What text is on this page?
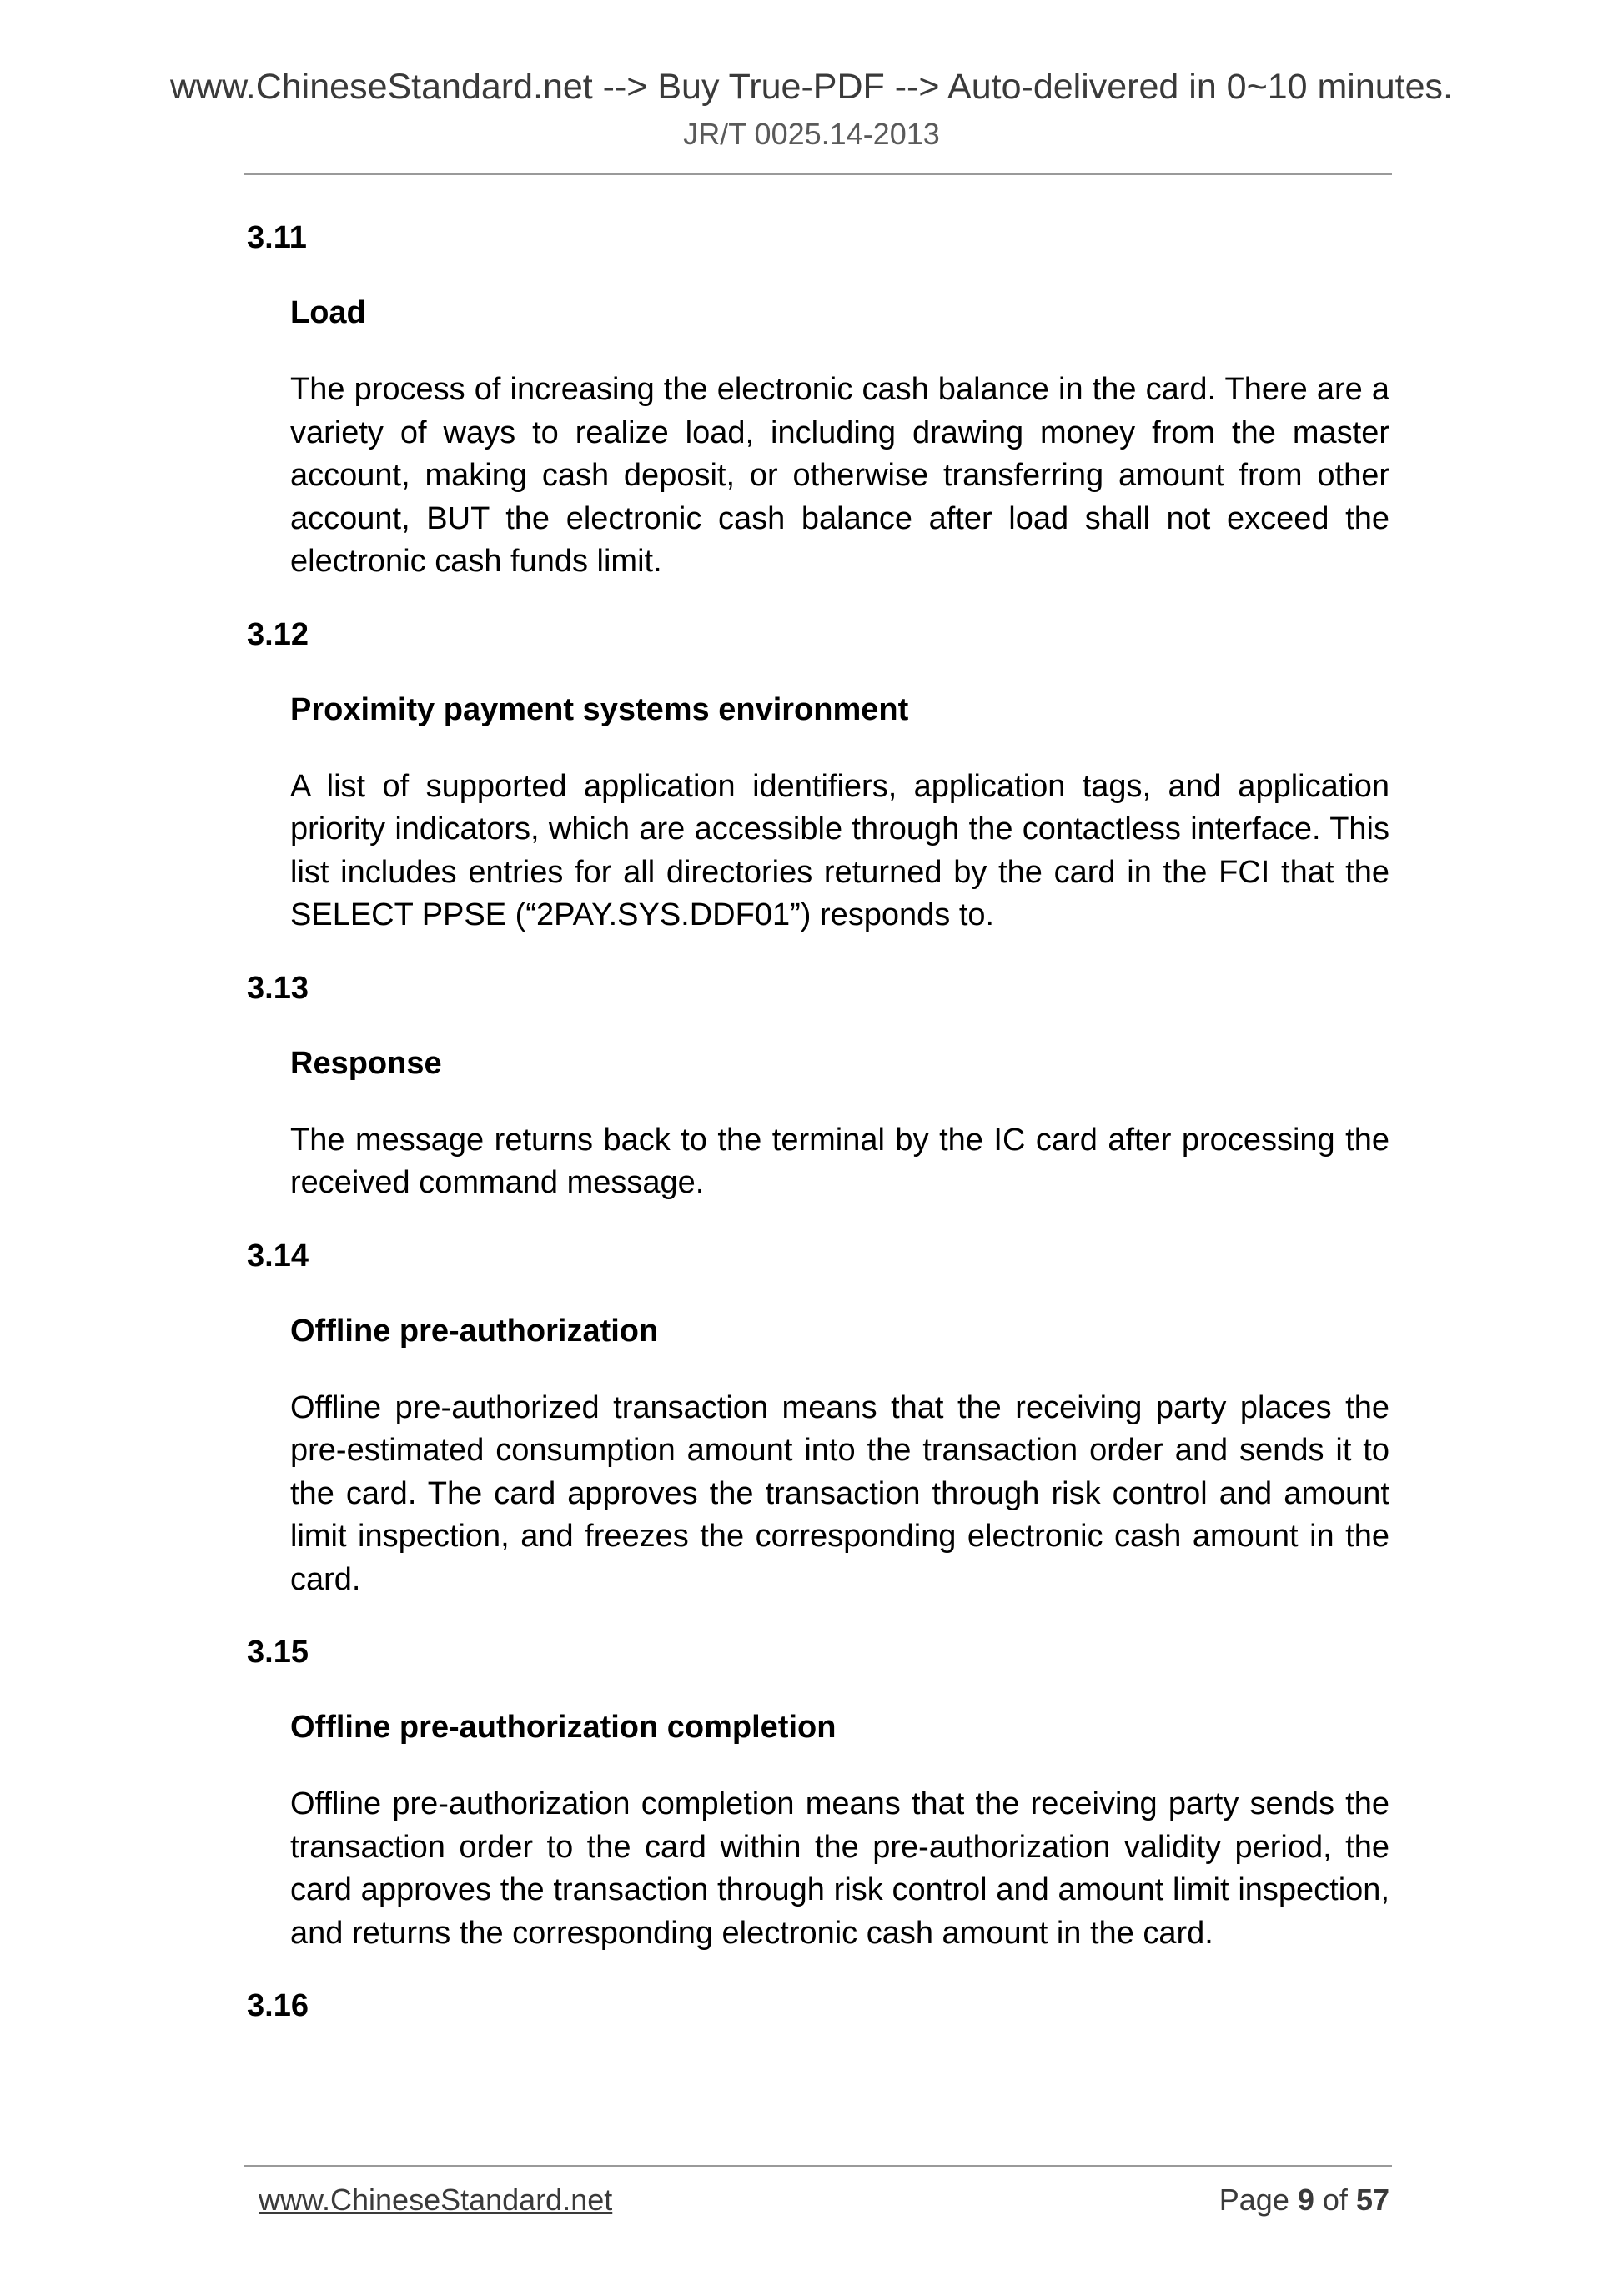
www.ChineseStandard.net --> Buy True-PDF --> Auto-delivered in 0~10 minutes.
JR/T 0025.14-2013
3.11
Load
The process of increasing the electronic cash balance in the card. There are a variety of ways to realize load, including drawing money from the master account, making cash deposit, or otherwise transferring amount from other account, BUT the electronic cash balance after load shall not exceed the electronic cash funds limit.
3.12
Proximity payment systems environment
A list of supported application identifiers, application tags, and application priority indicators, which are accessible through the contactless interface. This list includes entries for all directories returned by the card in the FCI that the SELECT PPSE (“2PAY.SYS.DDF01”) responds to.
3.13
Response
The message returns back to the terminal by the IC card after processing the received command message.
3.14
Offline pre-authorization
Offline pre-authorized transaction means that the receiving party places the pre-estimated consumption amount into the transaction order and sends it to the card. The card approves the transaction through risk control and amount limit inspection, and freezes the corresponding electronic cash amount in the card.
3.15
Offline pre-authorization completion
Offline pre-authorization completion means that the receiving party sends the transaction order to the card within the pre-authorization validity period, the card approves the transaction through risk control and amount limit inspection, and returns the corresponding electronic cash amount in the card.
3.16
www.ChineseStandard.net	Page 9 of 57
